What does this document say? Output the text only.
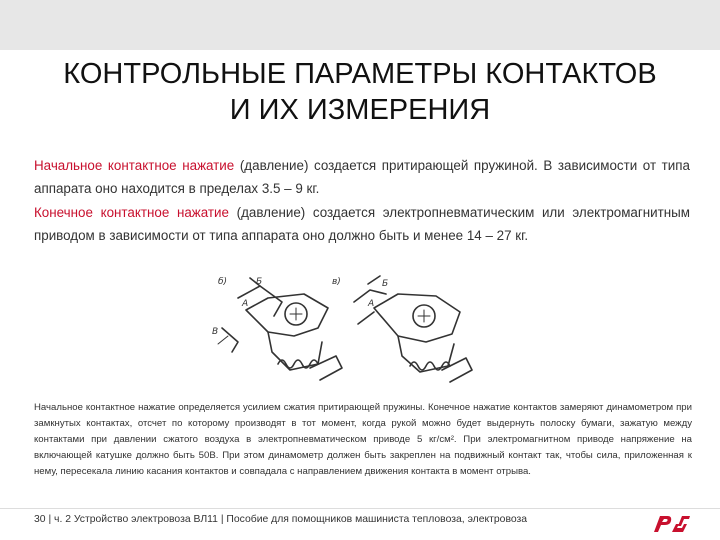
КОНТРОЛЬНЫЕ ПАРАМЕТРЫ КОНТАКТОВ
И ИХ ИЗМЕРЕНИЯ

Начальное контактное нажатие (давление) создается притирающей пружиной. В зависимости от типа аппарата оно находится в пределах 3.5 – 9 кг.

Конечное контактное нажатие (давление) создается электропневматическим или электромагнитным приводом в зависимости от типа аппарата оно должно быть и менее 14 – 27 кг.

б)	в)
Б
А
В
Б
А

Начальное контактное нажатие определяется усилием сжатия притирающей пружины. Конечное нажатие контактов замеряют динамометром при замкнутых контактах, отсчет по которому производят в тот момент, когда рукой можно будет выдернуть полоску бумаги, зажатую между контактами при давлении сжатого воздуха в электропневматическом приводе 5 кг/см². При электромагнитном приводе напряжение на включающей катушке должно быть 50В. При этом динамометр должен быть закреплен на подвижный контакт так, чтобы сила, приложенная к нему, пересекала линию касания контактов и совпадала с направлением движения контакта в момент отрыва.

30 | ч. 2 Устройство электровоза ВЛ11 | Пособие для помощников машиниста тепловоза, электровоза
